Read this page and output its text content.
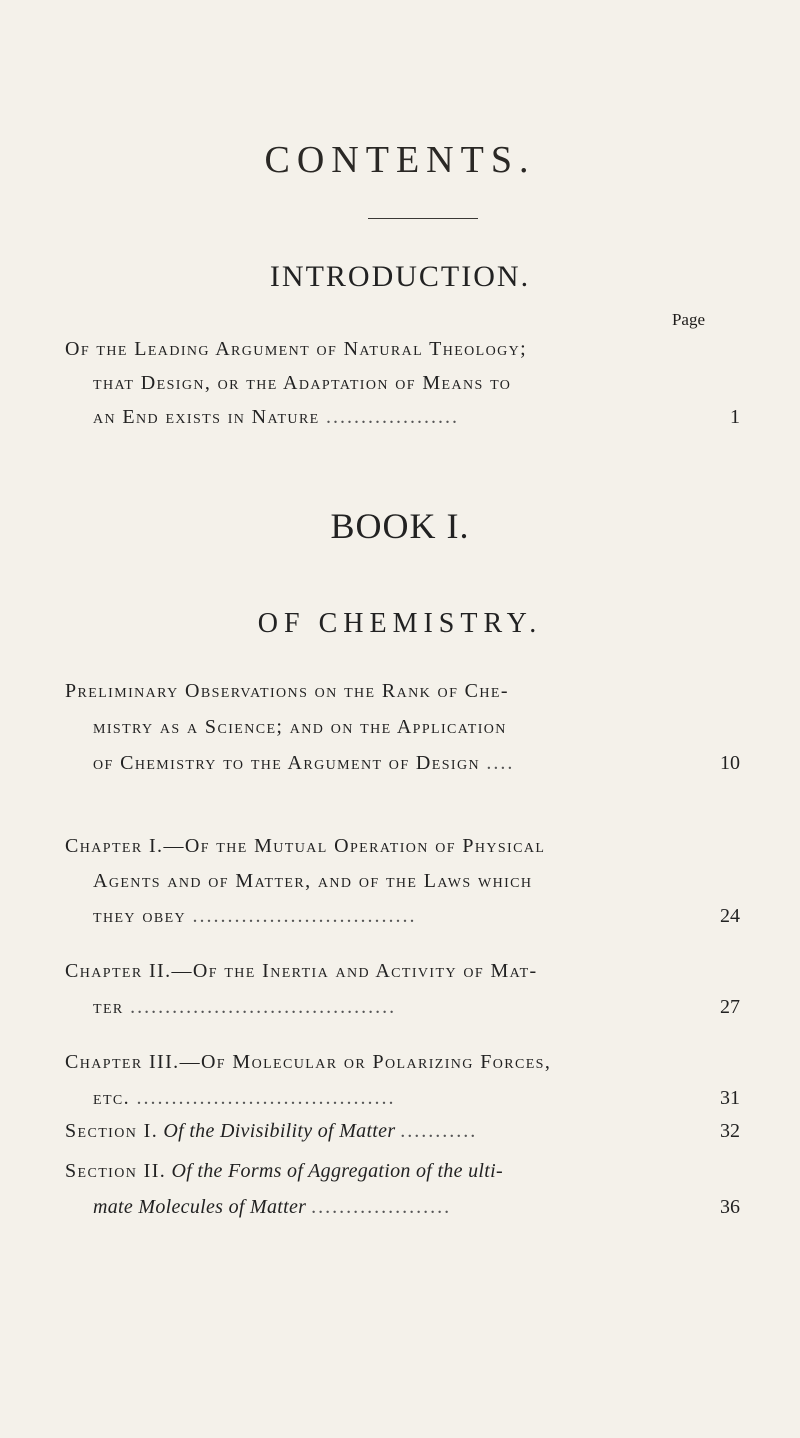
CONTENTS.
INTRODUCTION.
Page
Of the Leading Argument of Natural Theology;
that Design, or the Adaptation of Means to
an End exists in Nature ...................	1
BOOK I.
OF CHEMISTRY.
Preliminary Observations on the Rank of Che-
mistry as a Science; and on the Application
of Chemistry to the Argument of Design ....	10
Chapter I.—Of the Mutual Operation of Physical
Agents and of Matter, and of the Laws which
they obey ................................	24
Chapter II.—Of the Inertia and Activity of Mat-
ter ......................................	27
Chapter III.—Of Molecular or Polarizing Forces,
etc. .....................................	31
Section I. Of the Divisibility of Matter ...........	32
Section II. Of the Forms of Aggregation of the ulti-
mate Molecules of Matter ....................	36
